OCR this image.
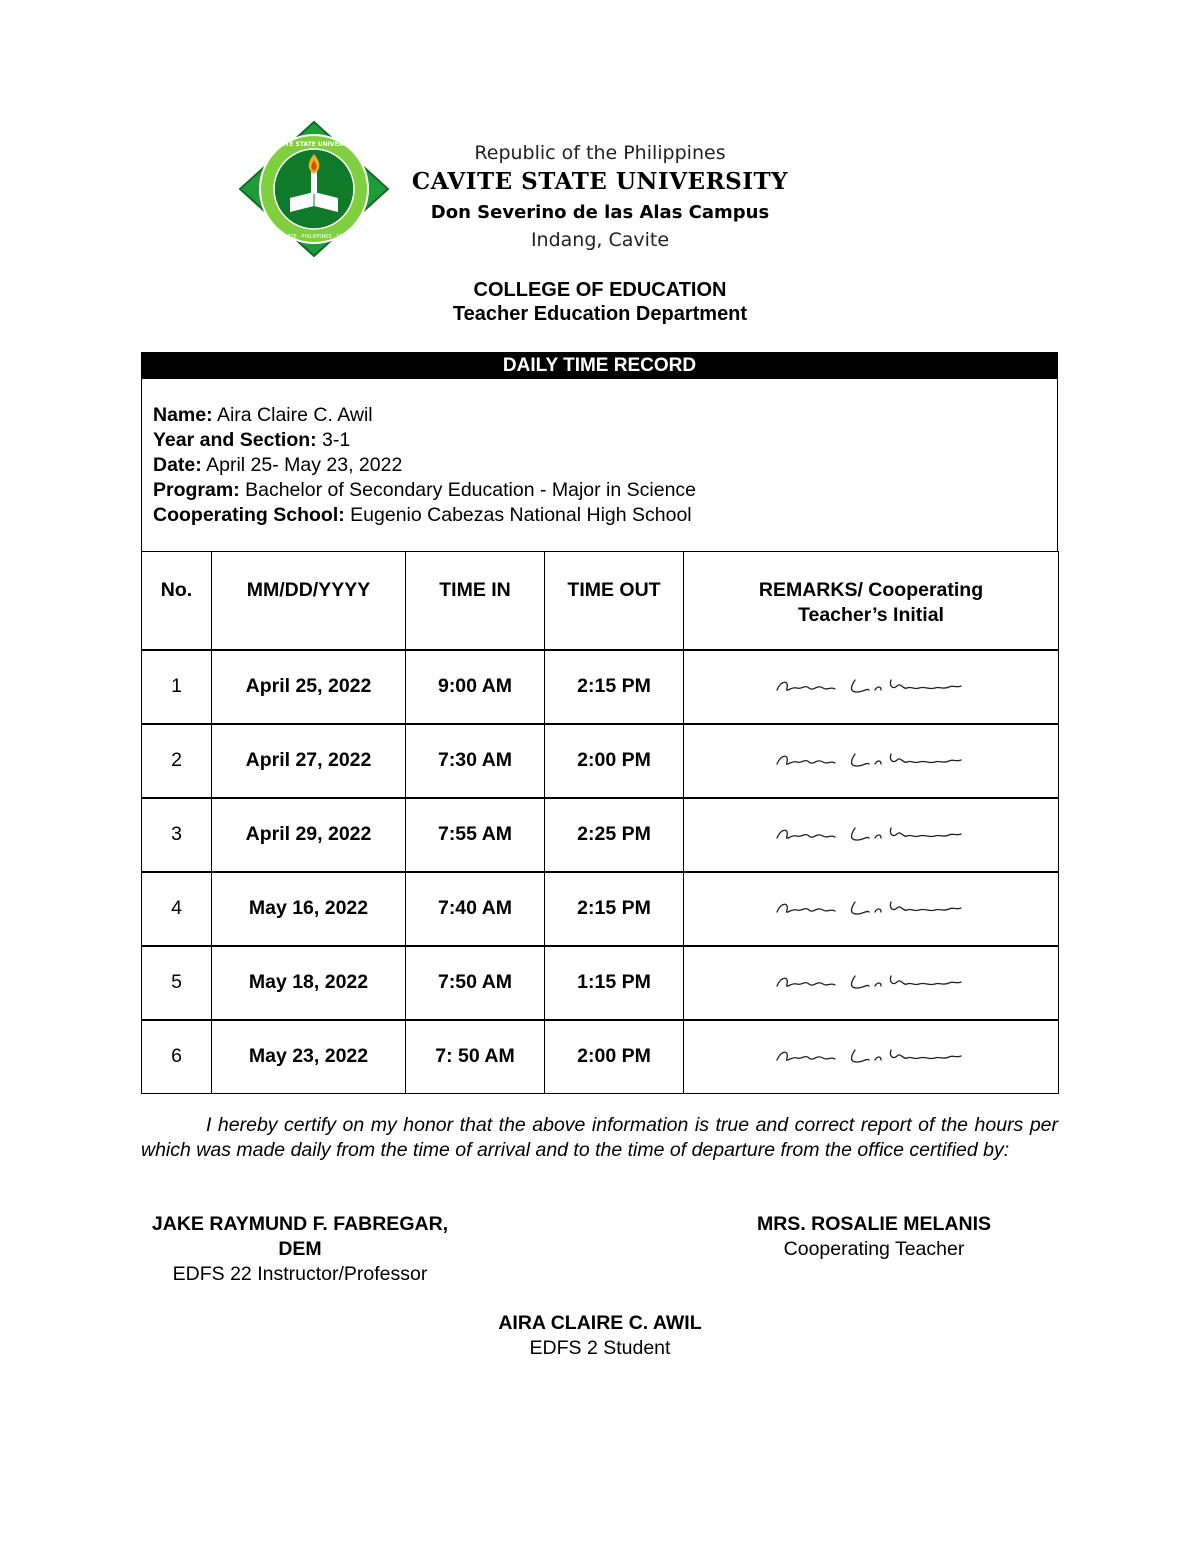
CAVITE STATE UNIVERSITY
CAVITE · PHILIPPINES · 1906
Republic of the Philippines
CAVITE STATE UNIVERSITY
Don Severino de las Alas Campus
Indang, Cavite
COLLEGE OF EDUCATION
Teacher Education Department
DAILY TIME RECORD
Name: Aira Claire C. Awil
Year and Section: 3-1
Date: April 25- May 23, 2022
Program: Bachelor of Secondary Education - Major in Science
Cooperating School: Eugenio Cabezas National High School
No.	MM/DD/YYYY	TIME IN	TIME OUT	REMARKS/ Cooperating
Teacher’s Initial
1	April 25, 2022	9:00 AM	2:15 PM	

2	April 27, 2022	7:30 AM	2:00 PM	

3	April 29, 2022	7:55 AM	2:25 PM	

4	May 16, 2022	7:40 AM	2:15 PM	

5	May 18, 2022	7:50 AM	1:15 PM	

6	May 23, 2022	7: 50 AM	2:00 PM	
I hereby certify on my honor that the above information is true and correct report of the hours per which was made daily from the time of arrival and to the time of departure from the office certified by:
JAKE RAYMUND F. FABREGAR, DEM
EDFS 22 Instructor/Professor
MRS. ROSALIE MELANIS
Cooperating Teacher
AIRA CLAIRE C. AWIL
EDFS 2 Student
